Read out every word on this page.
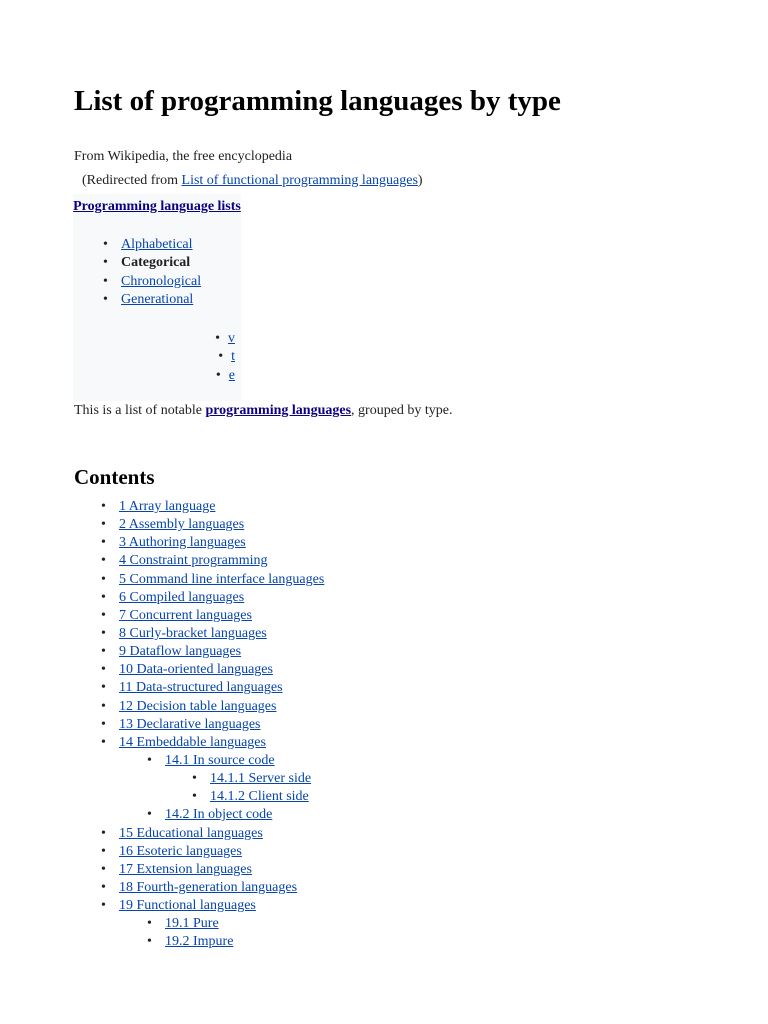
List of programming languages by type
From Wikipedia, the free encyclopedia
(Redirected from List of functional programming languages)
Programming language lists
• Alphabetical
• Categorical
• Chronological
• Generational
• v
• t
• e
This is a list of notable programming languages, grouped by type.
Contents
• 1 Array language
• 2 Assembly languages
• 3 Authoring languages
• 4 Constraint programming
• 5 Command line interface languages
• 6 Compiled languages
• 7 Concurrent languages
• 8 Curly-bracket languages
• 9 Dataflow languages
• 10 Data-oriented languages
• 11 Data-structured languages
• 12 Decision table languages
• 13 Declarative languages
• 14 Embeddable languages
• 14.1 In source code
• 14.1.1 Server side
• 14.1.2 Client side
• 14.2 In object code
• 15 Educational languages
• 16 Esoteric languages
• 17 Extension languages
• 18 Fourth-generation languages
• 19 Functional languages
• 19.1 Pure
• 19.2 Impure
